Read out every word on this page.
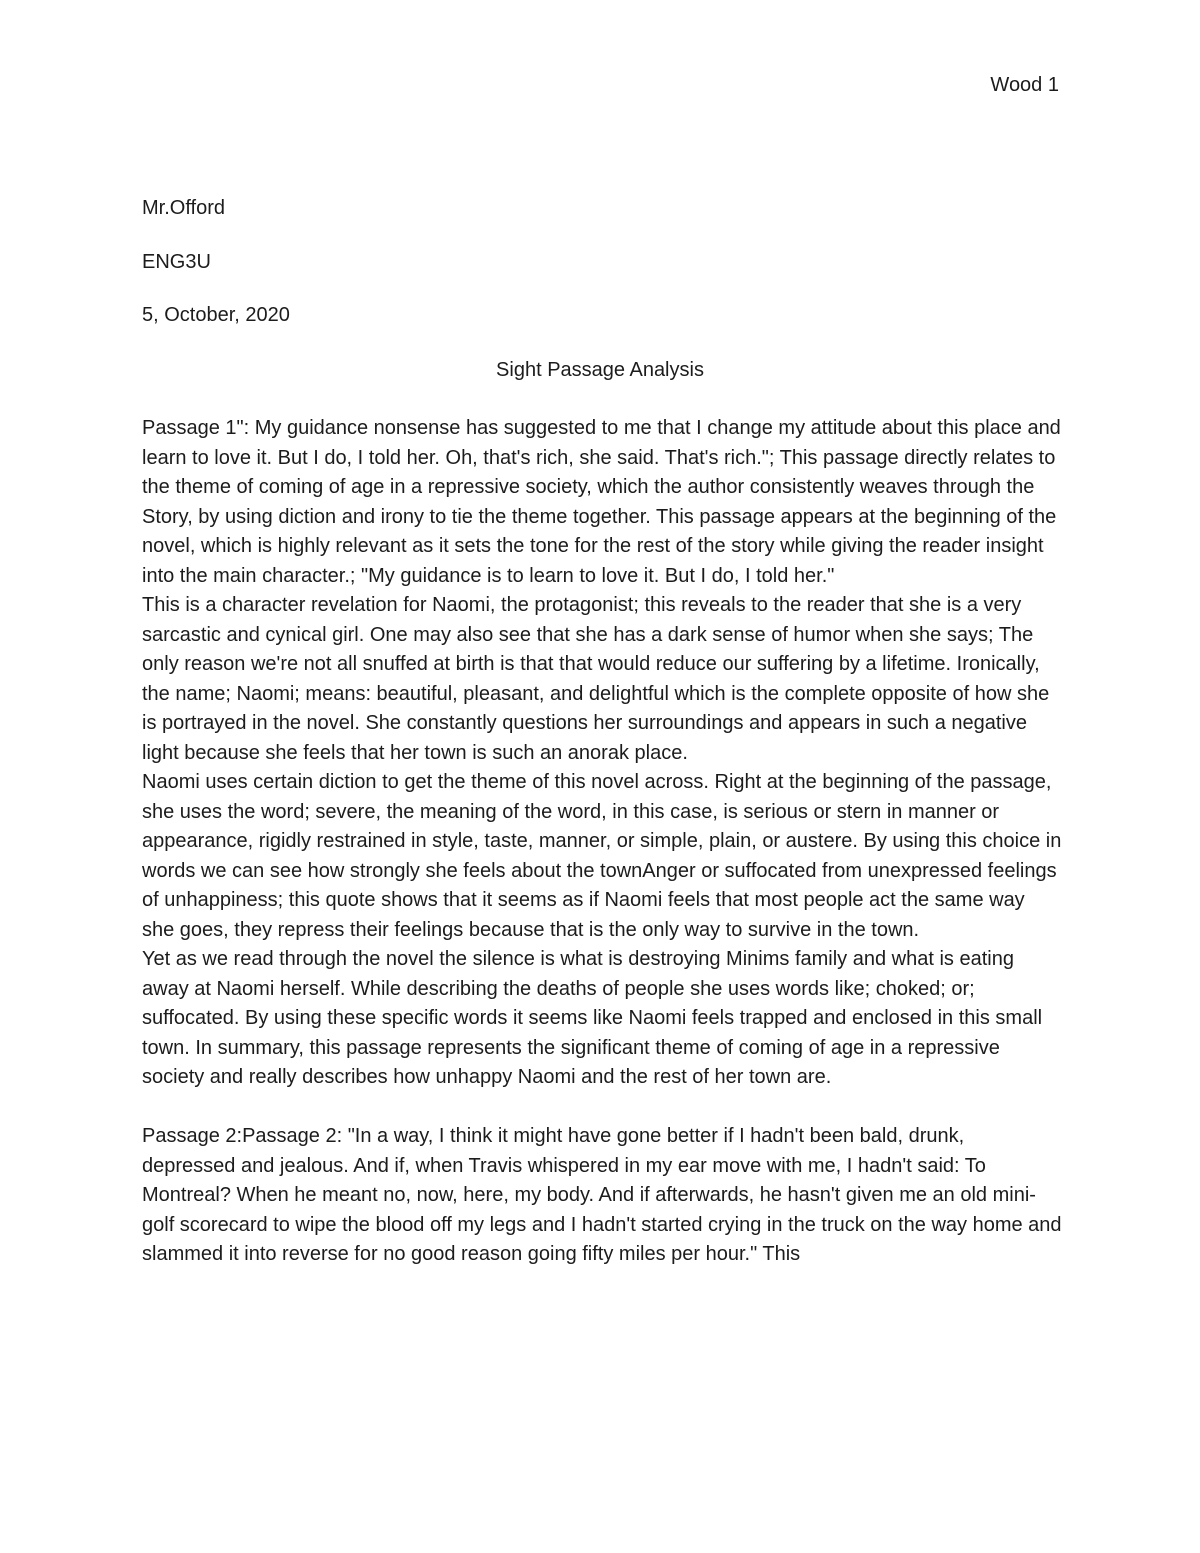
Wood 1
Mr.Offord
ENG3U
5, October, 2020
Sight Passage Analysis

Passage 1": My guidance nonsense has suggested to me that I change my attitude about this place and learn to love it. But I do, I told her. Oh, that's rich, she said. That's rich."; This passage directly relates to the theme of coming of age in a repressive society, which the author consistently weaves through the Story, by using diction and irony to tie the theme together. This passage appears at the beginning of the novel, which is highly relevant as it sets the tone for the rest of the story while giving the reader insight into the main character.; "My guidance is to learn to love it. But I do, I told her."

This is a character revelation for Naomi, the protagonist; this reveals to the reader that she is a very sarcastic and cynical girl. One may also see that she has a dark sense of humor when she says; The only reason we're not all snuffed at birth is that that would reduce our suffering by a lifetime. Ironically, the name; Naomi; means: beautiful, pleasant, and delightful which is the complete opposite of how she is portrayed in the novel. She constantly questions her surroundings and appears in such a negative light because she feels that her town is such an anorak place.

Naomi uses certain diction to get the theme of this novel across. Right at the beginning of the passage, she uses the word; severe, the meaning of the word, in this case, is serious or stern in manner or appearance, rigidly restrained in style, taste, manner, or simple, plain, or austere. By using this choice in words we can see how strongly she feels about the townAnger or suffocated from unexpressed feelings of unhappiness; this quote shows that it seems as if Naomi feels that most people act the same way she goes, they repress their feelings because that is the only way to survive in the town.

Yet as we read through the novel the silence is what is destroying Minims family and what is eating away at Naomi herself. While describing the deaths of people she uses words like; choked; or; suffocated. By using these specific words it seems like Naomi feels trapped and enclosed in this small town. In summary, this passage represents the significant theme of coming of age in a repressive society and really describes how unhappy Naomi and the rest of her town are.

Passage 2:Passage 2: "In a way, I think it might have gone better if I hadn't been bald, drunk, depressed and jealous. And if, when Travis whispered in my ear move with me, I hadn't said: To Montreal? When he meant no, now, here, my body. And if afterwards, he hasn't given me an old mini-golf scorecard to wipe the blood off my legs and I hadn't started crying in the truck on the way home and slammed it into reverse for no good reason going fifty miles per hour." This
